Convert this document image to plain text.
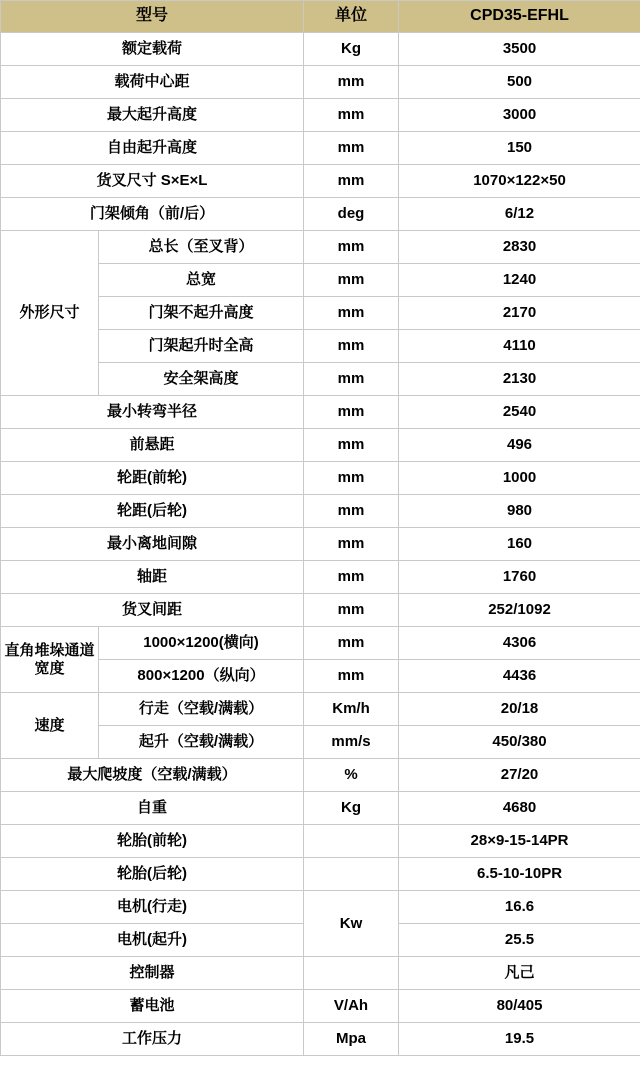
型号		单位	CPD35-EFHL
额定载荷		Kg	3500
载荷中心距		mm	500
最大起升高度		mm	3000
自由起升高度		mm	150
货叉尺寸 S×E×L		mm	1070×122×50
门架倾角（前/后）		deg	6/12
外形尺寸	总长（至叉背）	mm	2830
	总宽	mm	1240
	门架不起升高度	mm	2170
	门架起升时全高	mm	4110
	安全架高度	mm	2130
最小转弯半径		mm	2540
前悬距		mm	496
轮距(前轮)		mm	1000
轮距(后轮)		mm	980
最小离地间隙		mm	160
轴距		mm	1760
货叉间距		mm	252/1092
直角堆垛通道宽度	1000×1200(横向)	mm	4306
	800×1200（纵向）	mm	4436
速度	行走（空载/满载）	Km/h	20/18
	起升（空载/满载）	mm/s	450/380
最大爬坡度（空载/满载）		%	27/20
自重		Kg	4680
轮胎(前轮)			28×9-15-14PR
轮胎(后轮)			6.5-10-10PR
电机(行走)		Kw	16.6
电机(起升)			25.5
控制器			凡己
蓄电池		V/Ah	80/405
工作压力		Mpa	19.5
